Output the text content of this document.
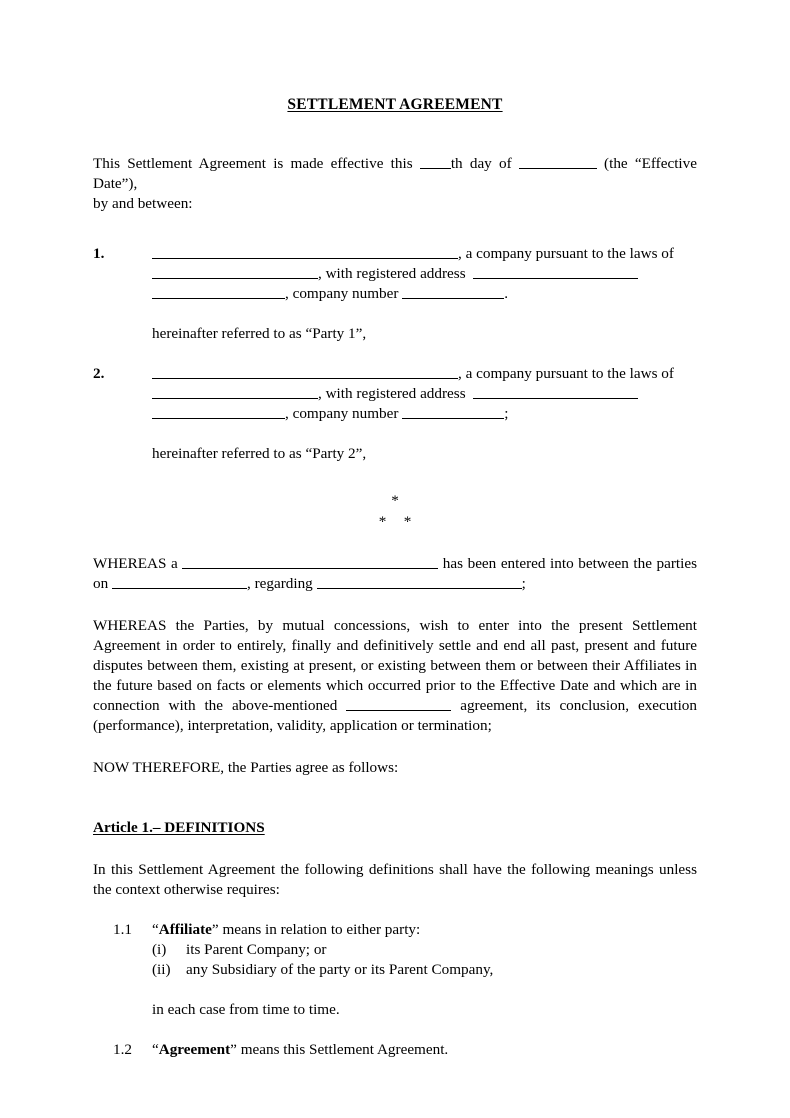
SETTLEMENT AGREEMENT
This Settlement Agreement is made effective this th day of	(the “Effective Date”),
by and between:
1.	, a company pursuant to the laws of
, with registered address
, company number	.
hereinafter referred to as “Party 1”,
2.	, a company pursuant to the laws of
, with registered address
, company number	;
hereinafter referred to as “Party 2”,
*
* *
WHEREAS a	has been entered into between the parties on	, regarding	;
WHEREAS the Parties, by mutual concessions, wish to enter into the present Settlement Agreement in order to entirely, finally and definitively settle and end all past, present and future disputes between them, existing at present, or existing between them or between their Affiliates in the future based on facts or elements which occurred prior to the Effective Date and which are in connection with the above-mentioned	agreement, its conclusion, execution (performance), interpretation, validity, application or termination;
NOW THEREFORE, the Parties agree as follows:
Article 1.– DEFINITIONS
In this Settlement Agreement the following definitions shall have the following meanings unless the context otherwise requires:
1.1 “Affiliate” means in relation to either party:
(i) its Parent Company; or
(ii) any Subsidiary of the party or its Parent Company,
in each case from time to time.
1.2 “Agreement” means this Settlement Agreement.
